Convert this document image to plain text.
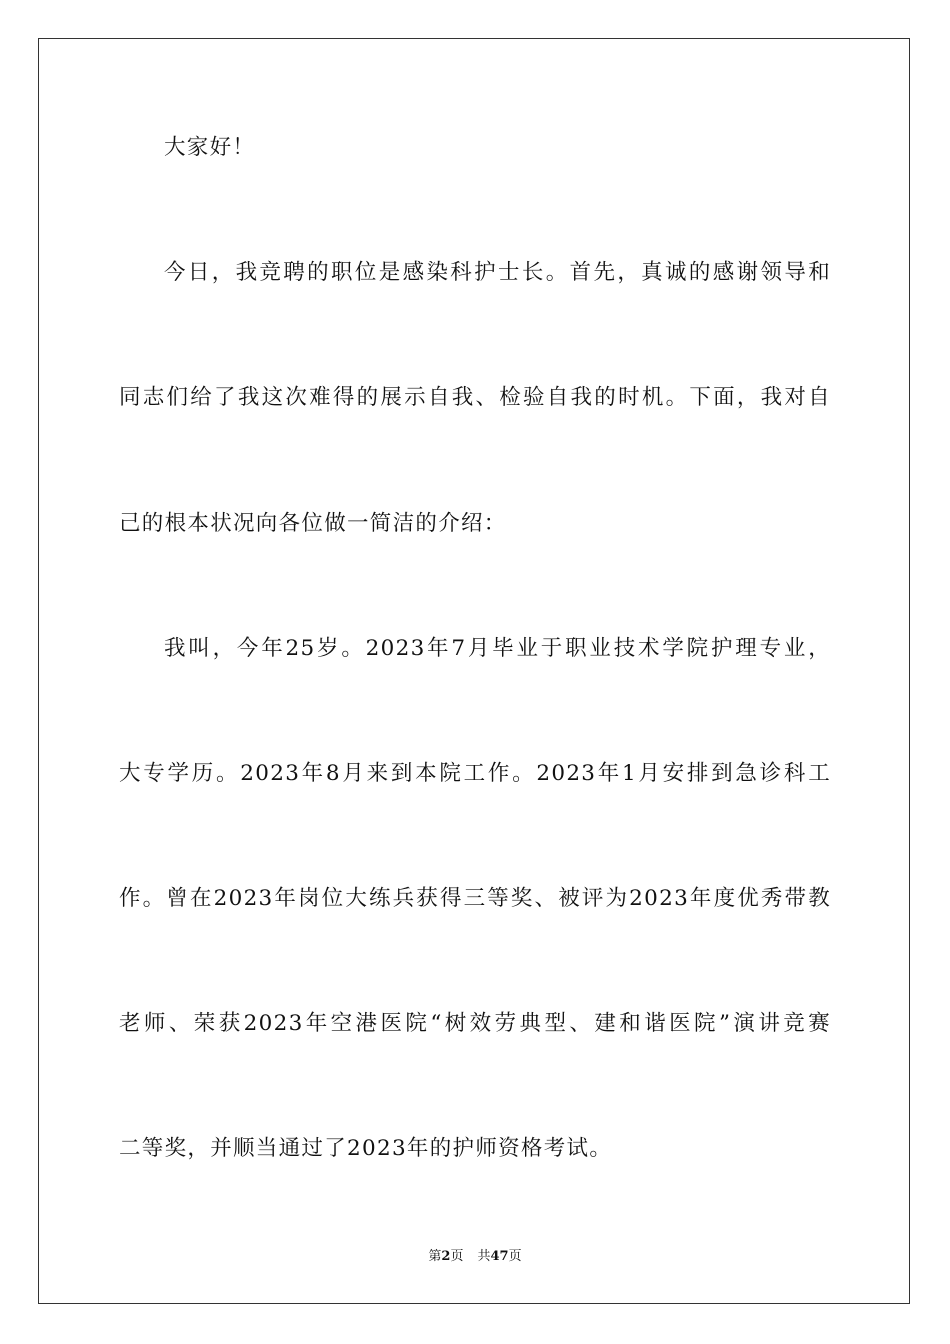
大家好！
今日，我竞聘的职位是感染科护士长。首先，真诚的感谢领导和
同志们给了我这次难得的展示自我、检验自我的时机。下面，我对自
己的根本状况向各位做一简洁的介绍：
我叫，今年25岁。2023年7月毕业于职业技术学院护理专业，
大专学历。2023年8月来到本院工作。2023年1月安排到急诊科工
作。曾在2023年岗位大练兵获得三等奖、被评为2023年度优秀带教
老师、荣获2023年空港医院“树效劳典型、建和谐医院”演讲竞赛
二等奖，并顺当通过了2023年的护师资格考试。
第2页 共47页
